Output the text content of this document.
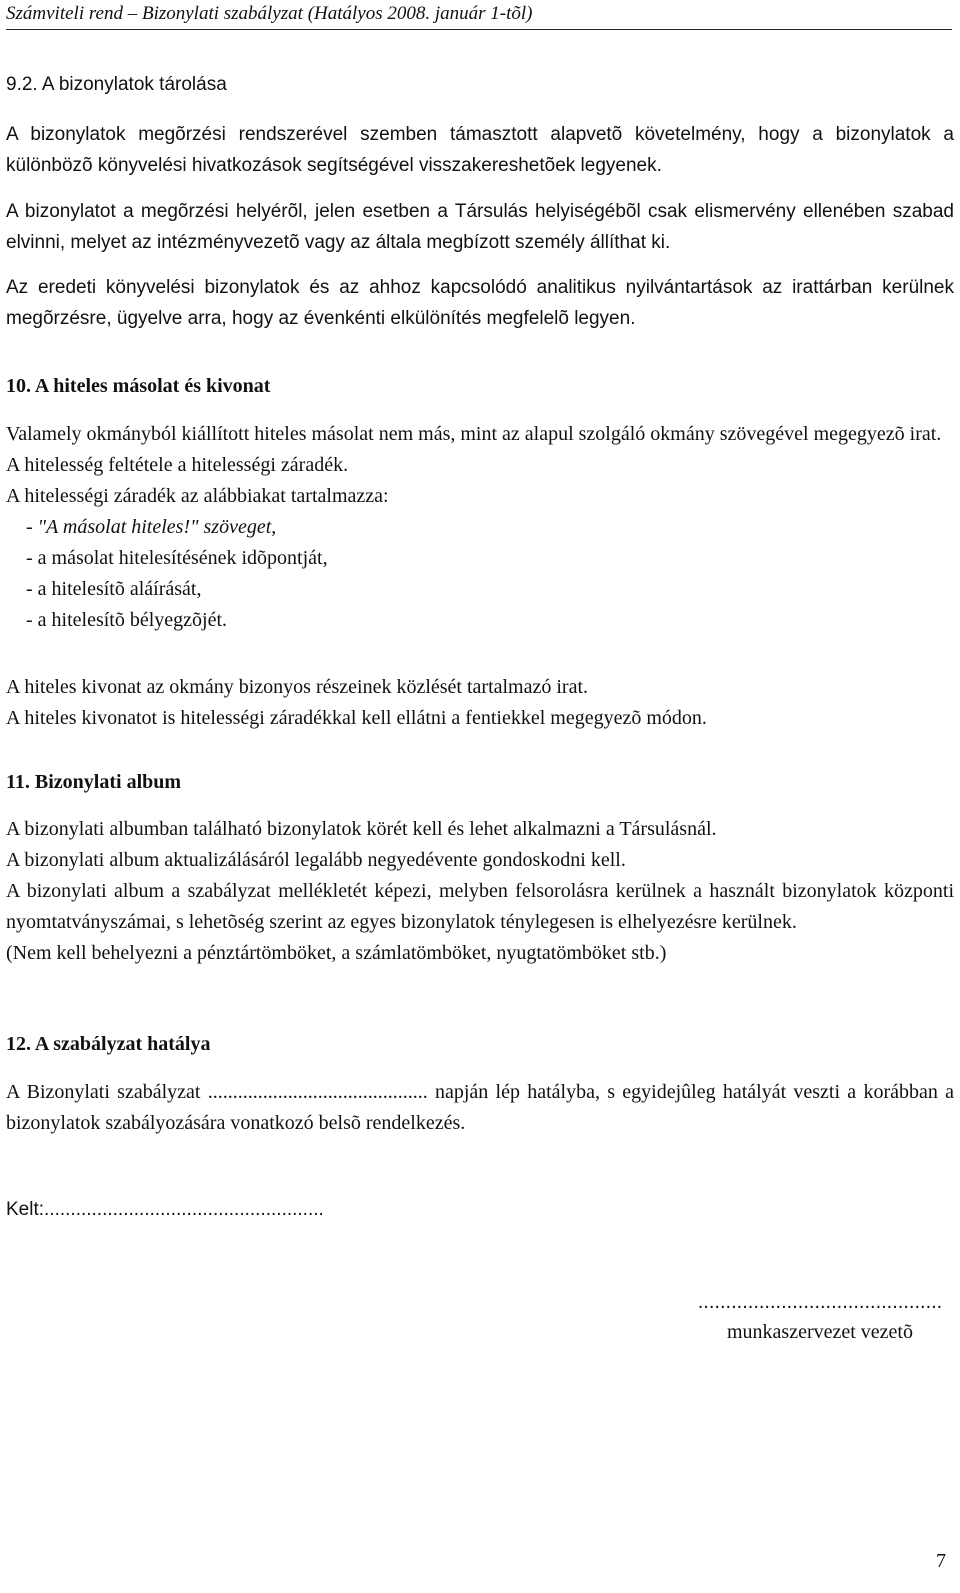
Számviteli rend – Bizonylati szabályzat (Hatályos 2008. január 1-tõl)
9.2. A bizonylatok tárolása
A bizonylatok megõrzési rendszerével szemben támasztott alapvetõ követelmény, hogy a bizonylatok a különbözõ könyvelési hivatkozások segítségével visszakereshetõek legyenek.
A bizonylatot a megõrzési helyérõl, jelen esetben a Társulás helyiségébõl csak elismervény ellenében szabad elvinni, melyet az intézményvezetõ vagy az általa megbízott személy állíthat ki.
Az eredeti könyvelési bizonylatok és az ahhoz kapcsolódó analitikus nyilvántartások az irattárban kerülnek megõrzésre, ügyelve arra, hogy az évenkénti elkülönítés megfelelõ legyen.
10. A hiteles másolat és kivonat

Valamely okmányból kiállított hiteles másolat nem más, mint az alapul szolgáló okmány szövegével megegyezõ irat.

A hitelesség feltétele a hitelességi záradék.

A hitelességi záradék az alábbiakat tartalmazza:

- "A másolat hiteles!" szöveget,

- a másolat hitelesítésének idõpontját,

- a hitelesítõ aláírását,

- a hitelesítõ bélyegzõjét.

A hiteles kivonat az okmány bizonyos részeinek közlését tartalmazó irat.

A hiteles kivonatot is hitelességi záradékkal kell ellátni a fentiekkel megegyezõ módon.

11. Bizonylati album

A bizonylati albumban található bizonylatok körét kell és lehet alkalmazni a Társulásnál.

A bizonylati album aktualizálásáról legalább negyedévente gondoskodni kell.

A bizonylati album a szabályzat mellékletét képezi, melyben felsorolásra kerülnek a használt bizonylatok központi nyomtatványszámai, s lehetõség szerint az egyes bizonylatok ténylegesen is elhelyezésre kerülnek.

(Nem kell behelyezni a pénztártömböket, a számlatömböket, nyugtatömböket stb.)

12. A szabályzat hatálya
A Bizonylati szabályzat ............................................ napján lép hatályba, s egyidejûleg hatályát veszti a korábban a bizonylatok szabályozására vonatkozó belsõ rendelkezés.
Kelt:.....................................................
............................................
munkaszervezet vezetõ
7
